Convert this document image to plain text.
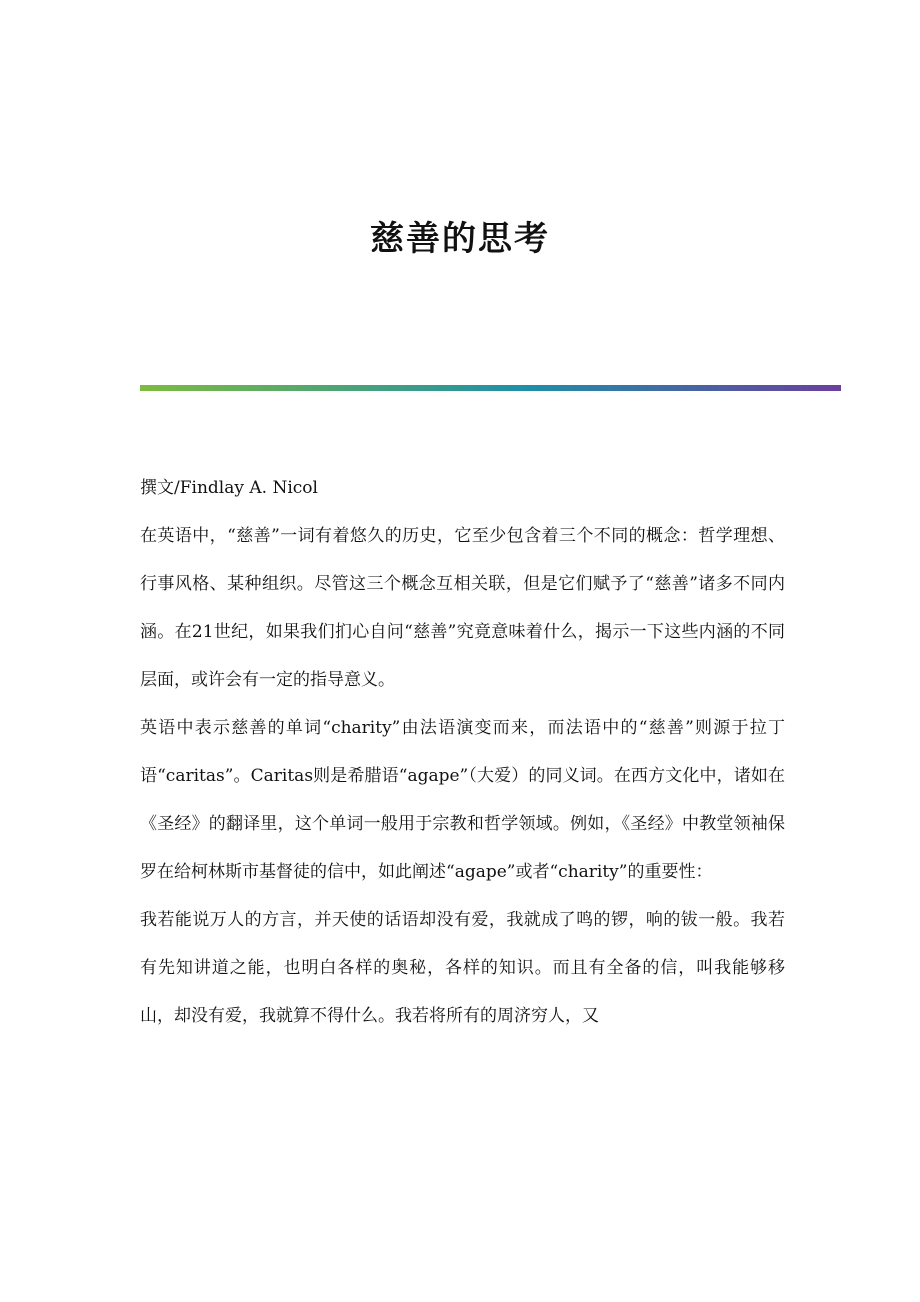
慈善的思考

撰文/Findlay A. Nicol

在英语中，“慈善”一词有着悠久的历史，它至少包含着三个不同的概念：哲学理想、行事风格、某种组织。尽管这三个概念互相关联，但是它们赋予了“慈善”诸多不同内涵。在21世纪，如果我们扪心自问“慈善”究竟意味着什么，揭示一下这些内涵的不同层面，或许会有一定的指导意义。

英语中表示慈善的单词“charity”由法语演变而来，而法语中的“慈善”则源于拉丁语“caritas”。Caritas则是希腊语“agape”（大爱）的同义词。在西方文化中，诸如在《圣经》的翻译里，这个单词一般用于宗教和哲学领域。例如，《圣经》中教堂领袖保罗在给柯林斯市基督徒的信中，如此阐述“agape”或者“charity”的重要性：

我若能说万人的方言，并天使的话语却没有爱，我就成了鸣的锣，响的钹一般。我若有先知讲道之能，也明白各样的奥秘，各样的知识。而且有全备的信，叫我能够移山，却没有爱，我就算不得什么。我若将所有的周济穷人，又
